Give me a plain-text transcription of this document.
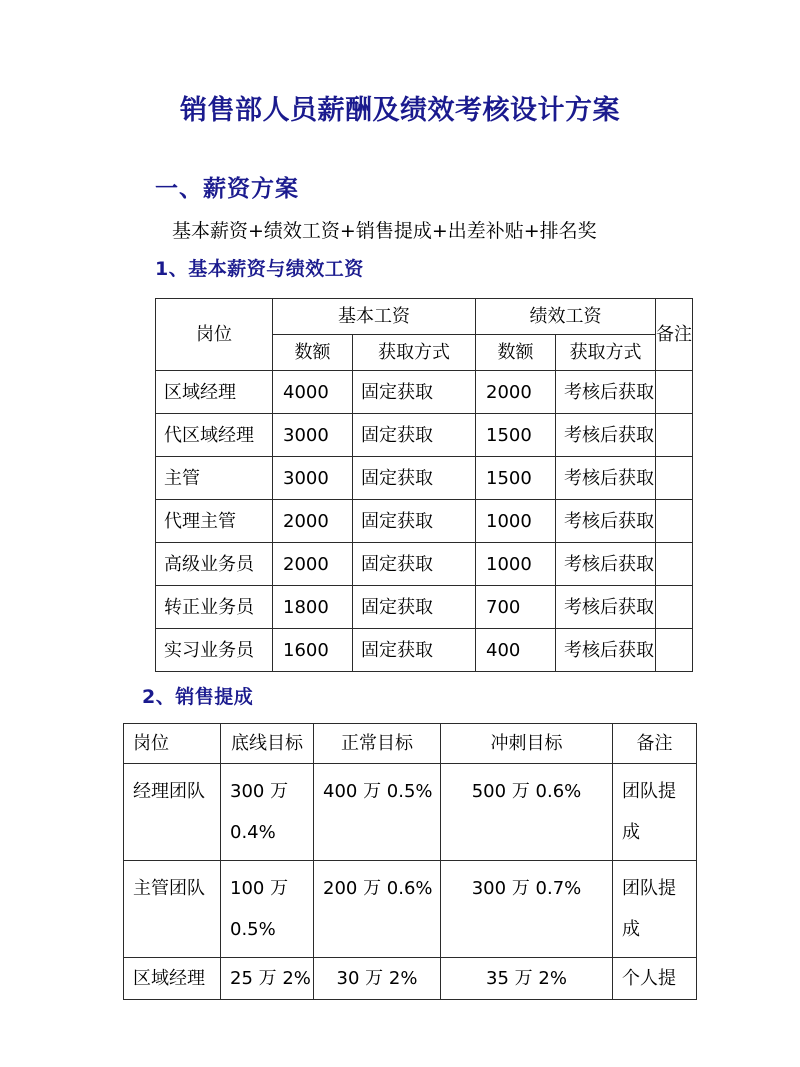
销售部人员薪酬及绩效考核设计方案
一、薪资方案

基本薪资+绩效工资+销售提成+出差补贴+排名奖

1、基本薪资与绩效工资
岗位	基本工资		绩效工资		备注
	数额	获取方式	数额	获取方式	
区域经理	4000	固定获取	2000	考核后获取	
代区域经理	3000	固定获取	1500	考核后获取	
主管	3000	固定获取	1500	考核后获取	
代理主管	2000	固定获取	1000	考核后获取	
高级业务员	2000	固定获取	1000	考核后获取	
转正业务员	1800	固定获取	700	考核后获取	
实习业务员	1600	固定获取	400	考核后获取	
2、销售提成
岗位	底线目标	正常目标	冲刺目标	备注
经理团队	300 万 0.4%	400 万 0.5%	500 万 0.6%	团队提成
主管团队	100 万 0.5%	200 万 0.6%	300 万 0.7%	团队提成
区域经理	25 万 2%	30 万 2%	35 万 2%	个人提
